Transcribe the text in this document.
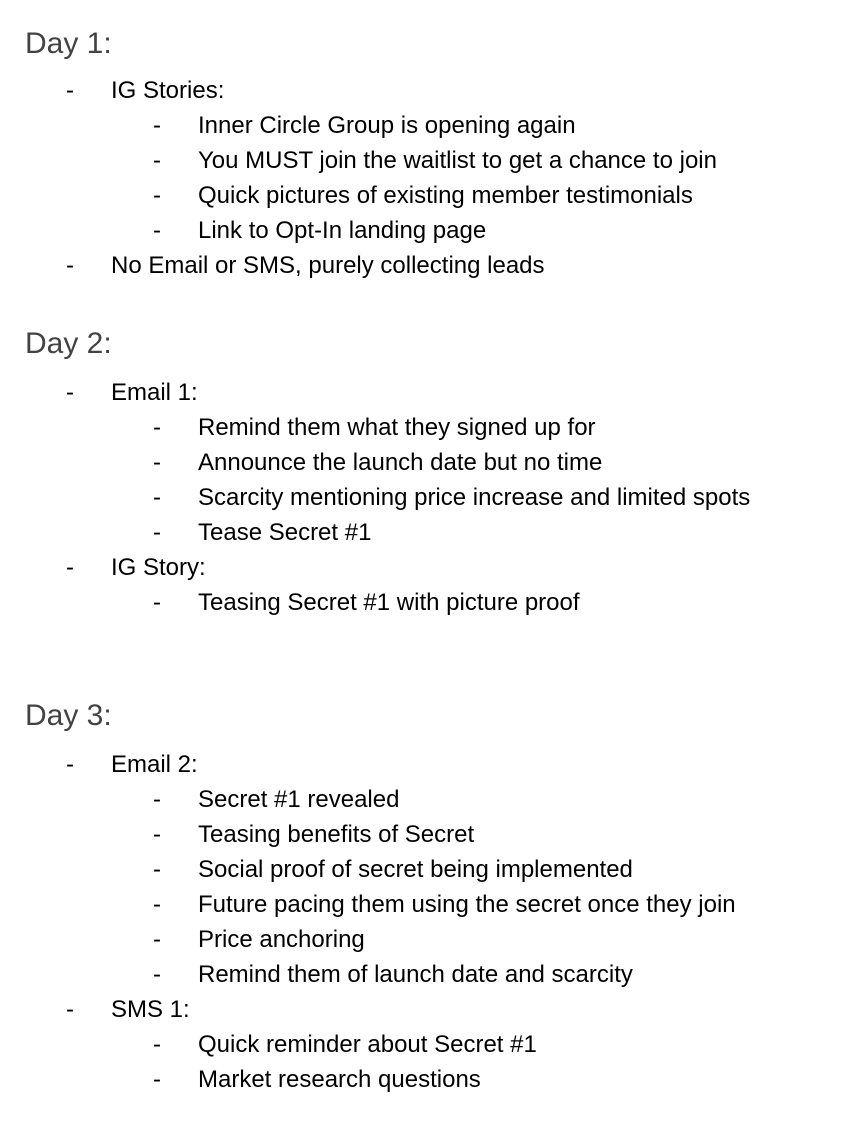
Day 1:
- IG Stories:
- Inner Circle Group is opening again
- You MUST join the waitlist to get a chance to join
- Quick pictures of existing member testimonials
- Link to Opt-In landing page
- No Email or SMS, purely collecting leads
Day 2:
- Email 1:
- Remind them what they signed up for
- Announce the launch date but no time
- Scarcity mentioning price increase and limited spots
- Tease Secret #1
- IG Story:
- Teasing Secret #1 with picture proof
Day 3:
- Email 2:
- Secret #1 revealed
- Teasing benefits of Secret
- Social proof of secret being implemented
- Future pacing them using the secret once they join
- Price anchoring
- Remind them of launch date and scarcity
- SMS 1:
- Quick reminder about Secret #1
- Market research questions
